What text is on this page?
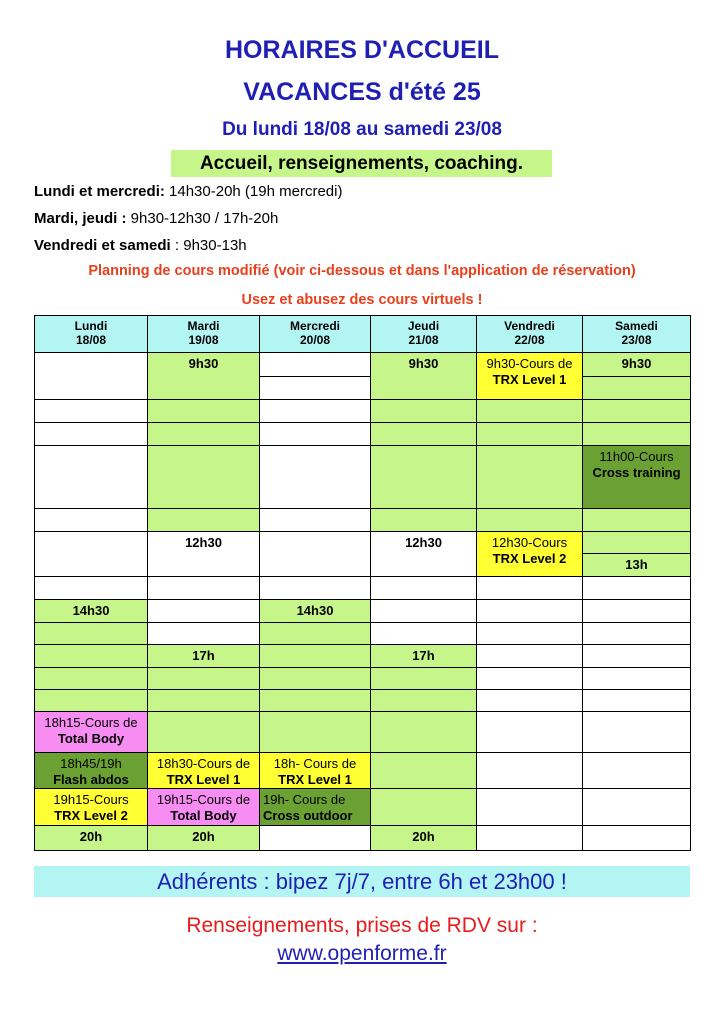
HORAIRES D'ACCUEIL
VACANCES d'été 25
Du lundi 18/08 au samedi 23/08
Accueil, renseignements, coaching.
Lundi et mercredi: 14h30-20h (19h mercredi)
Mardi, jeudi : 9h30-12h30 / 17h-20h
Vendredi et samedi : 9h30-13h
Planning de cours modifié (voir ci-dessous et dans l'application de réservation)
Usez et abusez des cours virtuels !
Lundi
18/08
Mardi
19/08
Mercredi
20/08
Jeudi
21/08
Vendredi
22/08
Samedi
23/08
14h30
18h15-Cours de
Total Body
18h45/19h
Flash abdos
19h15-Cours
TRX Level 2
20h
9h30
12h30
17h
18h30-Cours de
TRX Level 1
19h15-Cours de
Total Body
20h
14h30
18h- Cours de
TRX Level 1
19h- Cours de
Cross outdoor
9h30
12h30
17h
20h
9h30-Cours de
TRX Level 1
12h30-Cours
TRX Level 2
9h30
11h00-Cours
Cross training
13h
Adhérents : bipez 7j/7, entre 6h et 23h00 !
Renseignements, prises de RDV sur :
www.openforme.fr
